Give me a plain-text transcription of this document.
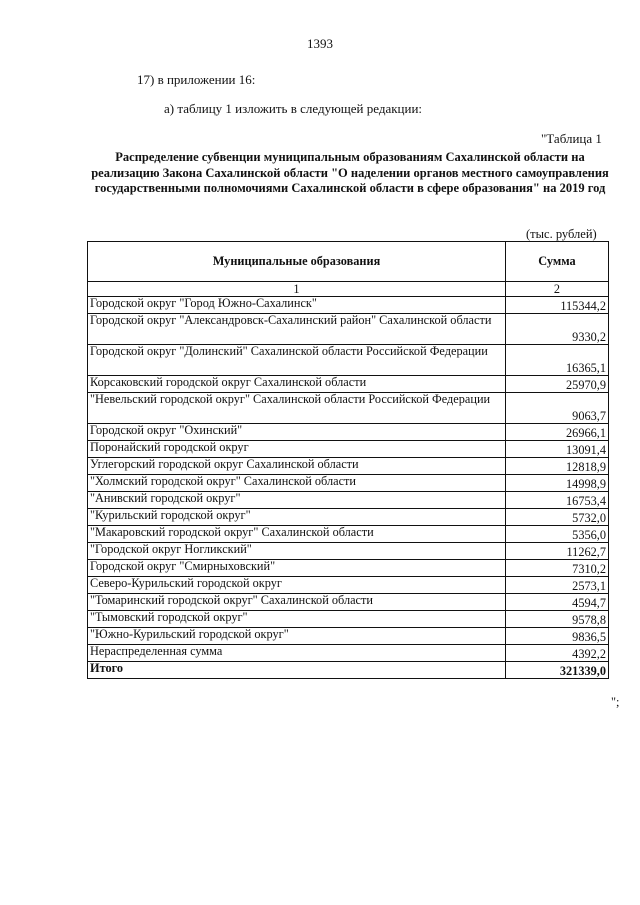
1393
17) в приложении 16:
а) таблицу 1 изложить в следующей редакции:
"Таблица 1
Распределение субвенции муниципальным образованиям Сахалинской области на реализацию Закона Сахалинской области "О наделении органов местного самоуправления государственными полномочиями Сахалинской области в сфере образования" на 2019 год
(тыс. рублей)
Муниципальные образования	Сумма
1	2
Городской округ "Город Южно-Сахалинск"	115344,2
Городской округ "Александровск-Сахалинский район" Сахалинской области	9330,2
Городской округ "Долинский" Сахалинской области Российской Федерации	16365,1
Корсаковский городской округ Сахалинской области	25970,9
"Невельский городской округ" Сахалинской области Российской Федерации	9063,7
Городской округ "Охинский"	26966,1
Поронайский городской округ	13091,4
Углегорский городской округ Сахалинской области	12818,9
"Холмский городской округ" Сахалинской области	14998,9
"Анивский городской округ"	16753,4
"Курильский городской округ"	5732,0
"Макаровский городской округ" Сахалинской области	5356,0
"Городской округ Ногликский"	11262,7
Городской округ "Смирныховский"	7310,2
Северо-Курильский городской округ	2573,1
"Томаринский городской округ" Сахалинской области	4594,7
"Тымовский городской округ"	9578,8
"Южно-Курильский городской округ"	9836,5
Нераспределенная сумма	4392,2
Итого	321339,0
";
